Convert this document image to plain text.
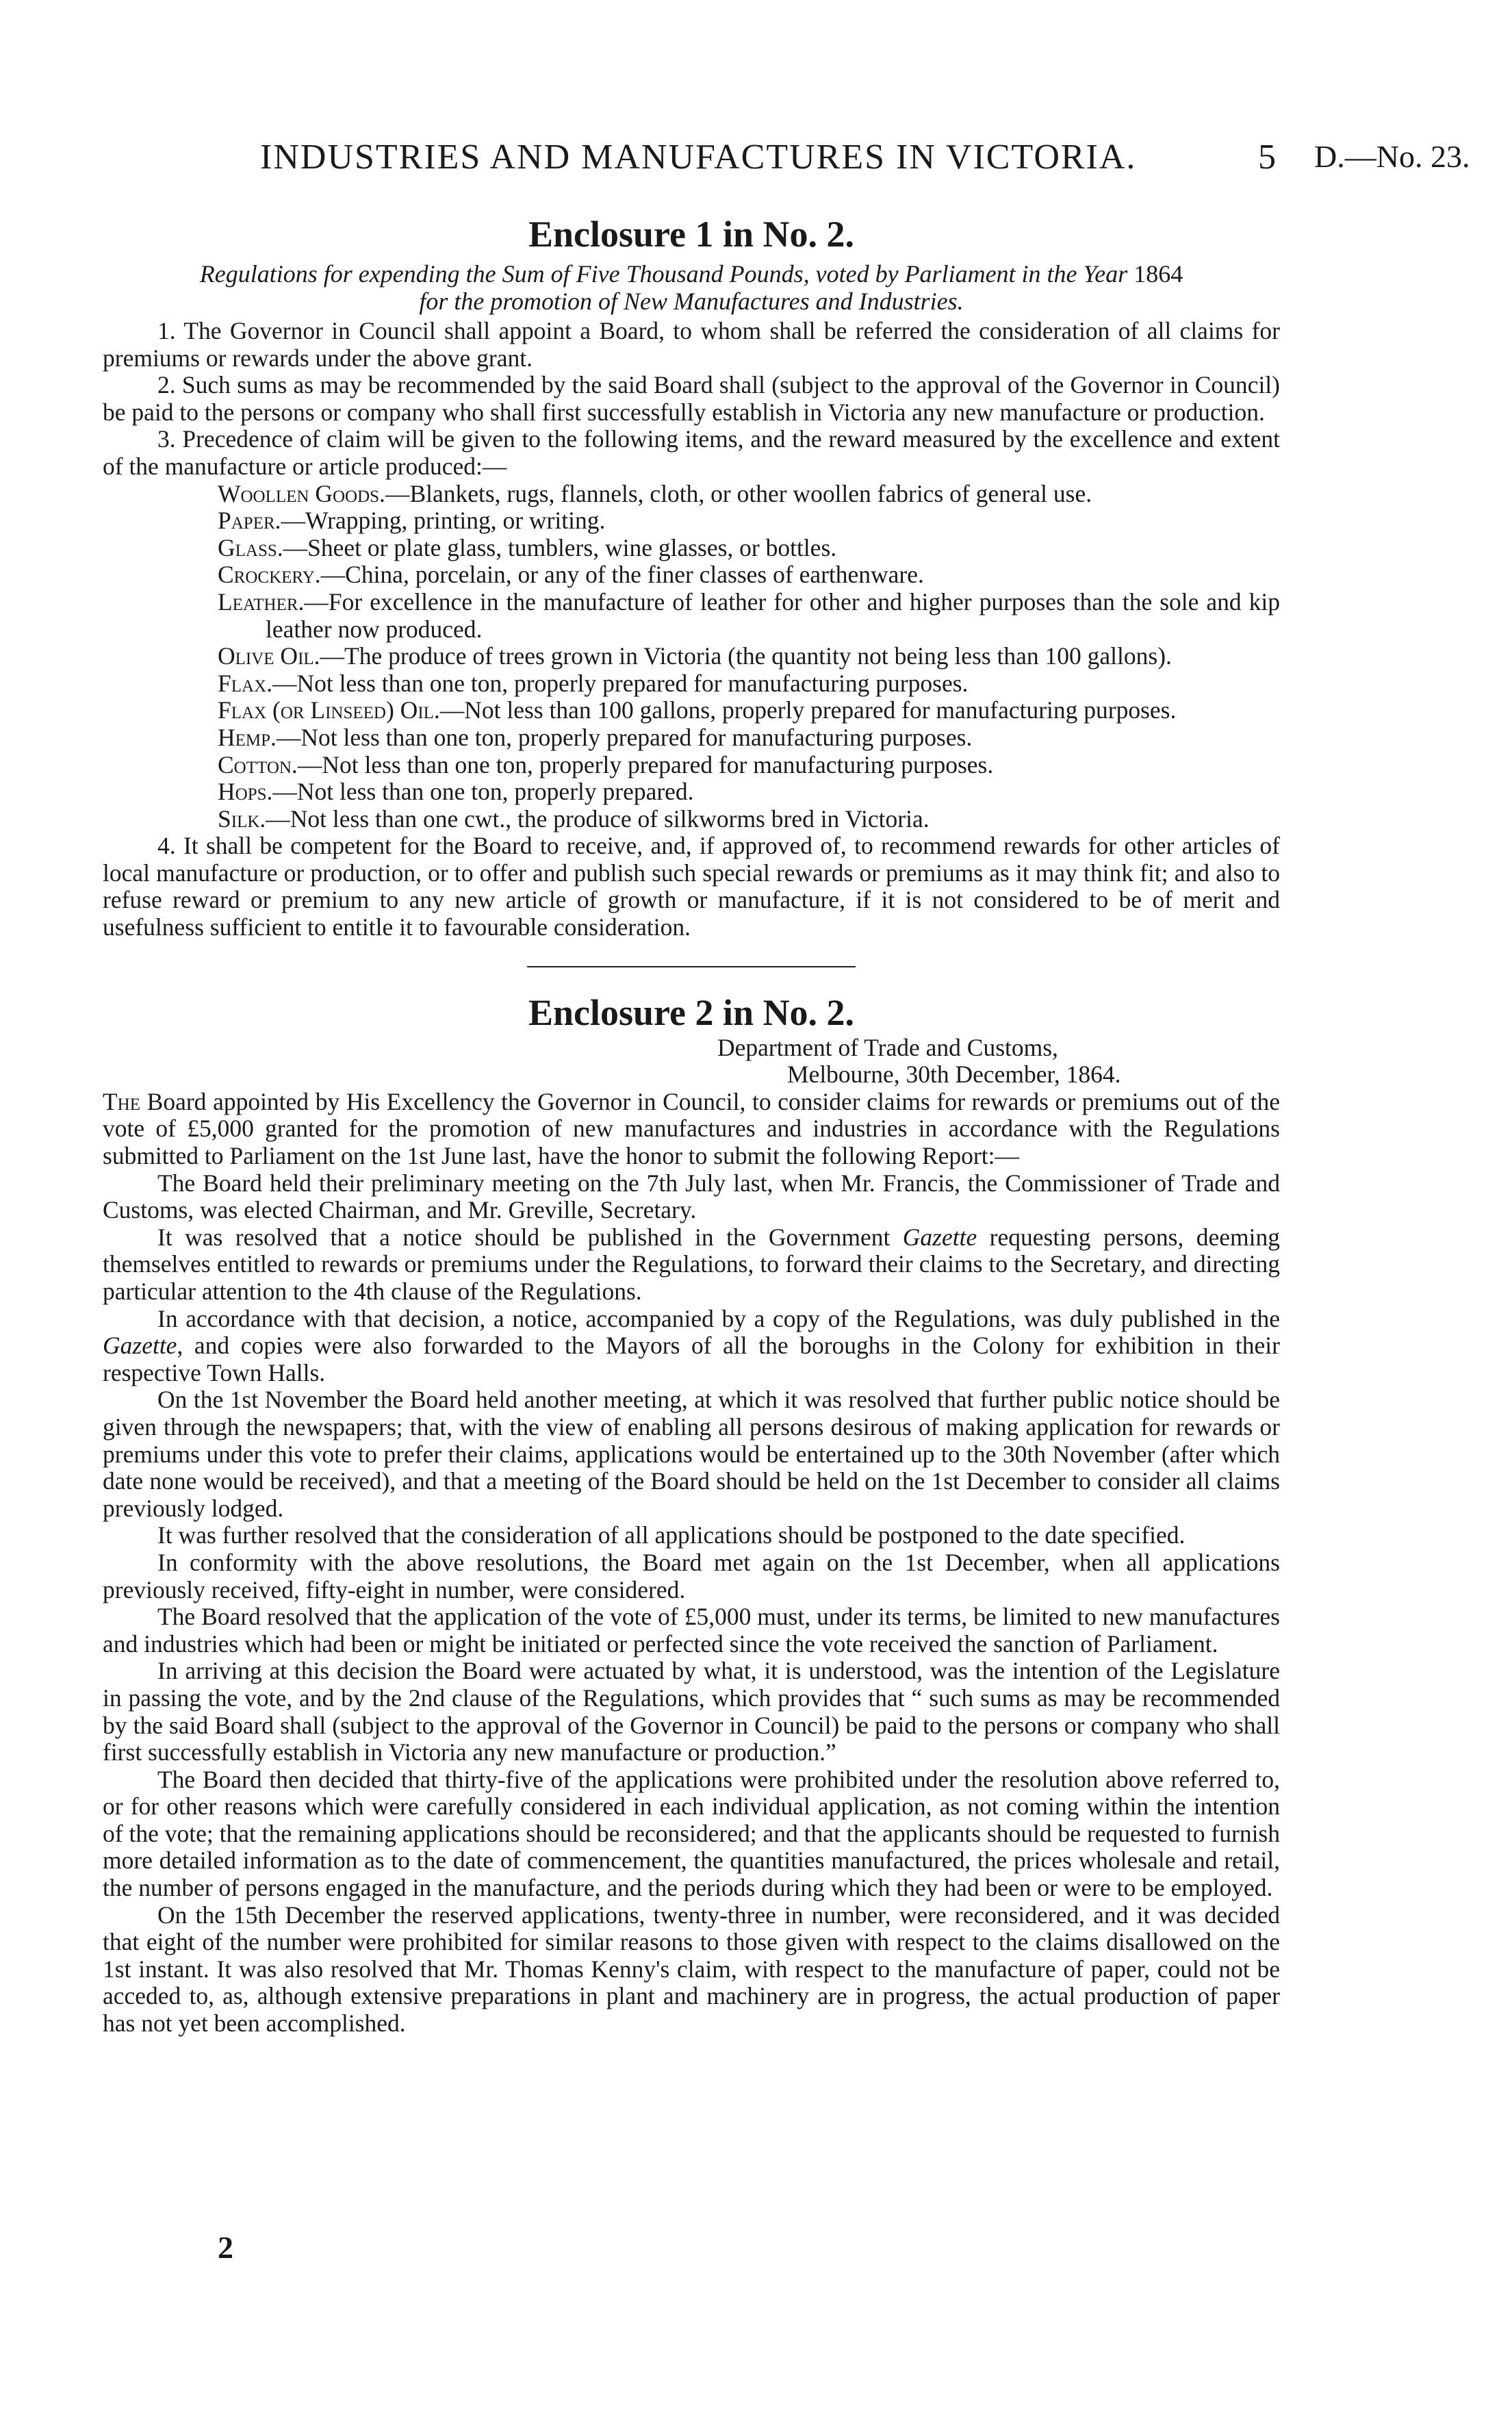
INDUSTRIES AND MANUFACTURES IN VICTORIA.	5 D.—No. 23.
Enclosure 1 in No. 2.
Regulations for expending the Sum of Five Thousand Pounds, voted by Parliament in the Year 1864
for the promotion of New Manufactures and Industries.

1. The Governor in Council shall appoint a Board, to whom shall be referred the consideration of all claims for premiums or rewards under the above grant.

2. Such sums as may be recommended by the said Board shall (subject to the approval of the Governor in Council) be paid to the persons or company who shall first successfully establish in Victoria any new manufacture or production.

3. Precedence of claim will be given to the following items, and the reward measured by the excellence and extent of the manufacture or article produced:—

Woollen Goods.—Blankets, rugs, flannels, cloth, or other woollen fabrics of general use.
Paper.—Wrapping, printing, or writing.
Glass.—Sheet or plate glass, tumblers, wine glasses, or bottles.
Crockery.—China, porcelain, or any of the finer classes of earthenware.
Leather.—For excellence in the manufacture of leather for other and higher purposes than the sole and kip leather now produced.
Olive Oil.—The produce of trees grown in Victoria (the quantity not being less than 100 gallons).
Flax.—Not less than one ton, properly prepared for manufacturing purposes.
Flax (or Linseed) Oil.—Not less than 100 gallons, properly prepared for manufacturing purposes.
Hemp.—Not less than one ton, properly prepared for manufacturing purposes.
Cotton.—Not less than one ton, properly prepared for manufacturing purposes.
Hops.—Not less than one ton, properly prepared.
Silk.—Not less than one cwt., the produce of silkworms bred in Victoria.

4. It shall be competent for the Board to receive, and, if approved of, to recommend rewards for other articles of local manufacture or production, or to offer and publish such special rewards or premiums as it may think fit; and also to refuse reward or premium to any new article of growth or manufacture, if it is not considered to be of merit and usefulness sufficient to entitle it to favourable consideration.

Enclosure 2 in No. 2.
Department of Trade and Customs,
Melbourne, 30th December, 1864.

The Board appointed by His Excellency the Governor in Council, to consider claims for rewards or premiums out of the vote of £5,000 granted for the promotion of new manufactures and industries in accordance with the Regulations submitted to Parliament on the 1st June last, have the honor to submit the following Report:—

The Board held their preliminary meeting on the 7th July last, when Mr. Francis, the Commissioner of Trade and Customs, was elected Chairman, and Mr. Greville, Secretary.

It was resolved that a notice should be published in the Government Gazette requesting persons, deeming themselves entitled to rewards or premiums under the Regulations, to forward their claims to the Secretary, and directing particular attention to the 4th clause of the Regulations.

In accordance with that decision, a notice, accompanied by a copy of the Regulations, was duly published in the Gazette, and copies were also forwarded to the Mayors of all the boroughs in the Colony for exhibition in their respective Town Halls.

On the 1st November the Board held another meeting, at which it was resolved that further public notice should be given through the newspapers; that, with the view of enabling all persons desirous of making application for rewards or premiums under this vote to prefer their claims, applications would be entertained up to the 30th November (after which date none would be received), and that a meeting of the Board should be held on the 1st December to consider all claims previously lodged.

It was further resolved that the consideration of all applications should be postponed to the date specified.

In conformity with the above resolutions, the Board met again on the 1st December, when all applications previously received, fifty-eight in number, were considered.

The Board resolved that the application of the vote of £5,000 must, under its terms, be limited to new manufactures and industries which had been or might be initiated or perfected since the vote received the sanction of Parliament.

In arriving at this decision the Board were actuated by what, it is understood, was the intention of the Legislature in passing the vote, and by the 2nd clause of the Regulations, which provides that “ such sums as may be recommended by the said Board shall (subject to the approval of the Governor in Council) be paid to the persons or company who shall first successfully establish in Victoria any new manufacture or production.”

The Board then decided that thirty-five of the applications were prohibited under the resolution above referred to, or for other reasons which were carefully considered in each individual application, as not coming within the intention of the vote; that the remaining applications should be reconsidered; and that the applicants should be requested to furnish more detailed information as to the date of commencement, the quantities manufactured, the prices wholesale and retail, the number of persons engaged in the manufacture, and the periods during which they had been or were to be employed.

On the 15th December the reserved applications, twenty-three in number, were reconsidered, and it was decided that eight of the number were prohibited for similar reasons to those given with respect to the claims disallowed on the 1st instant. It was also resolved that Mr. Thomas Kenny's claim, with respect to the manufacture of paper, could not be acceded to, as, although extensive preparations in plant and machinery are in progress, the actual production of paper has not yet been accomplished.

2
